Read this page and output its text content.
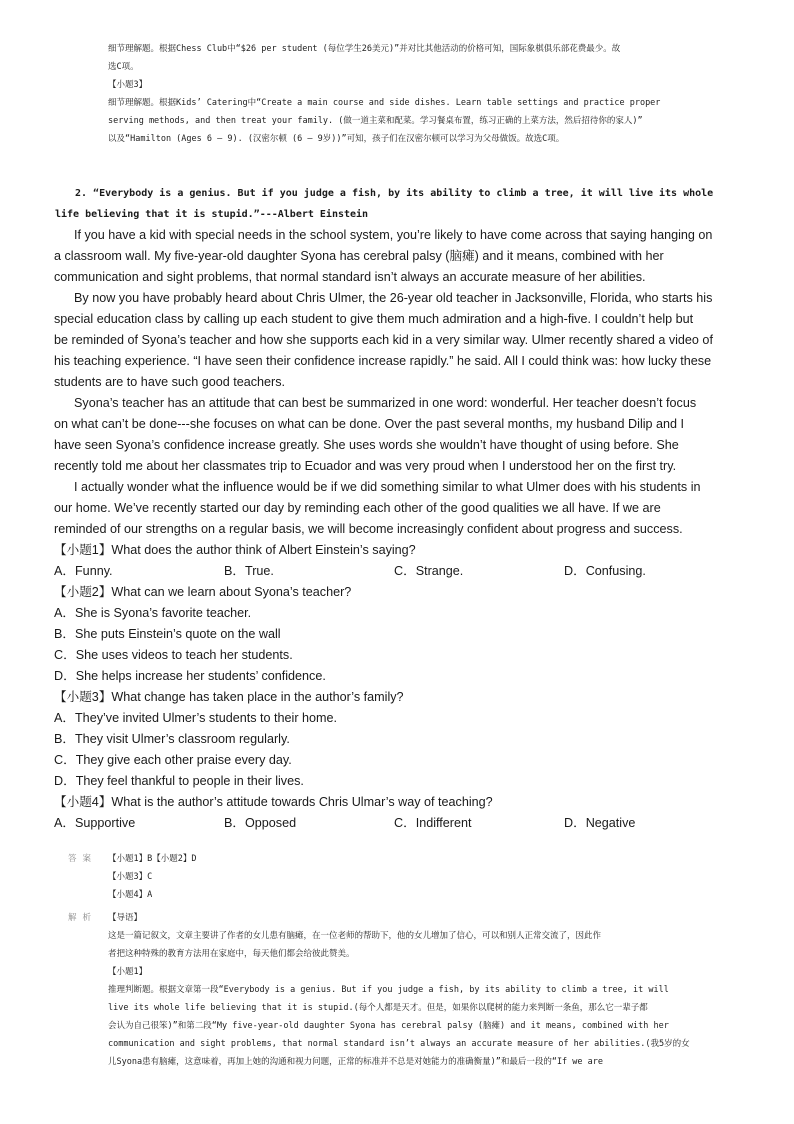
细节理解题。根据Chess Club中“$26 per student (每位学生26美元)”并对比其他活动的价格可知，国际象棋俱乐部花费最少。故

选C项。

【小题3】

细节理解题。根据Kids’ Catering中“Create a main course and side dishes. Learn table settings and practice proper

serving methods, and then treat your family. (做一道主菜和配菜。学习餐桌布置，练习正确的上菜方法，然后招待你的家人)”

以及“Hamilton (Ages 6 – 9). (汉密尔顿 (6 – 9岁))”可知，孩子们在汉密尔顿可以学习为父母做饭。故选C项。

2. “Everybody is a genius. But if you judge a fish, by its ability to climb a tree, it will live its whole

life believing that it is stupid.”---Albert Einstein

If you have a kid with special needs in the school system, you’re likely to have come across that saying hanging on

a classroom wall. My five-year-old daughter Syona has cerebral palsy (脑瘫) and it means, combined with her

communication and sight problems, that normal standard isn’t always an accurate measure of her abilities.

By now you have probably heard about Chris Ulmer, the 26-year old teacher in Jacksonville, Florida, who starts his

special education class by calling up each student to give them much admiration and a high-five. I couldn’t help but

be reminded of Syona’s teacher and how she supports each kid in a very similar way. Ulmer recently shared a video of

his teaching experience. “I have seen their confidence increase rapidly.” he said. All I could think was: how lucky these

students are to have such good teachers.

Syona’s teacher has an attitude that can best be summarized in one word: wonderful. Her teacher doesn’t focus

on what can’t be done---she focuses on what can be done. Over the past several months, my husband Dilip and I

have seen Syona’s confidence increase greatly. She uses words she wouldn’t have thought of using before. She

recently told me about her classmates trip to Ecuador and was very proud when I understood her on the first try.

I actually wonder what the influence would be if we did something similar to what Ulmer does with his students in

our home. We’ve recently started our day by reminding each other of the good qualities we all have. If we are

reminded of our strengths on a regular basis, we will become increasingly confident about progress and success.

【小题1】What does the author think of Albert Einstein’s saying?

A．Funny.	B．True.	C．Strange.	D．Confusing.

【小题2】What can we learn about Syona’s teacher?

A．She is Syona’s favorite teacher.

B．She puts Einstein’s quote on the wall

C．She uses videos to teach her students.

D．She helps increase her students’ confidence.

【小题3】What change has taken place in the author’s family?

A．They’ve invited Ulmer’s students to their home.

B．They visit Ulmer’s classroom regularly.

C．They give each other praise every day.

D．They feel thankful to people in their lives.

【小题4】What is the author’s attitude towards Chris Ulmar’s way of teaching?

A．Supportive	B．Opposed	C．Indifferent	D．Negative
答案 【小题1】B【小题2】D

【小题3】C

【小题4】A

解析 【导语】

这是一篇记叙文，文章主要讲了作者的女儿患有脑瘫，在一位老师的帮助下，他的女儿增加了信心，可以和别人正常交流了，因此作

者把这种特殊的教育方法用在家庭中，每天他们都会给彼此赞美。

【小题1】

推理判断题。根据文章第一段“Everybody is a genius. But if you judge a fish, by its ability to climb a tree, it will

live its whole life believing that it is stupid.(每个人都是天才。但是，如果你以爬树的能力来判断一条鱼，那么它一辈子都

会认为自己很笨)”和第二段“My five-year-old daughter Syona has cerebral palsy (脑瘫) and it means, combined with her

communication and sight problems, that normal standard isn’t always an accurate measure of her abilities.(我5岁的女

儿Syona患有脑瘫，这意味着，再加上她的沟通和视力问题，正常的标准并不总是对她能力的准确衡量)”和最后一段的“If we are
